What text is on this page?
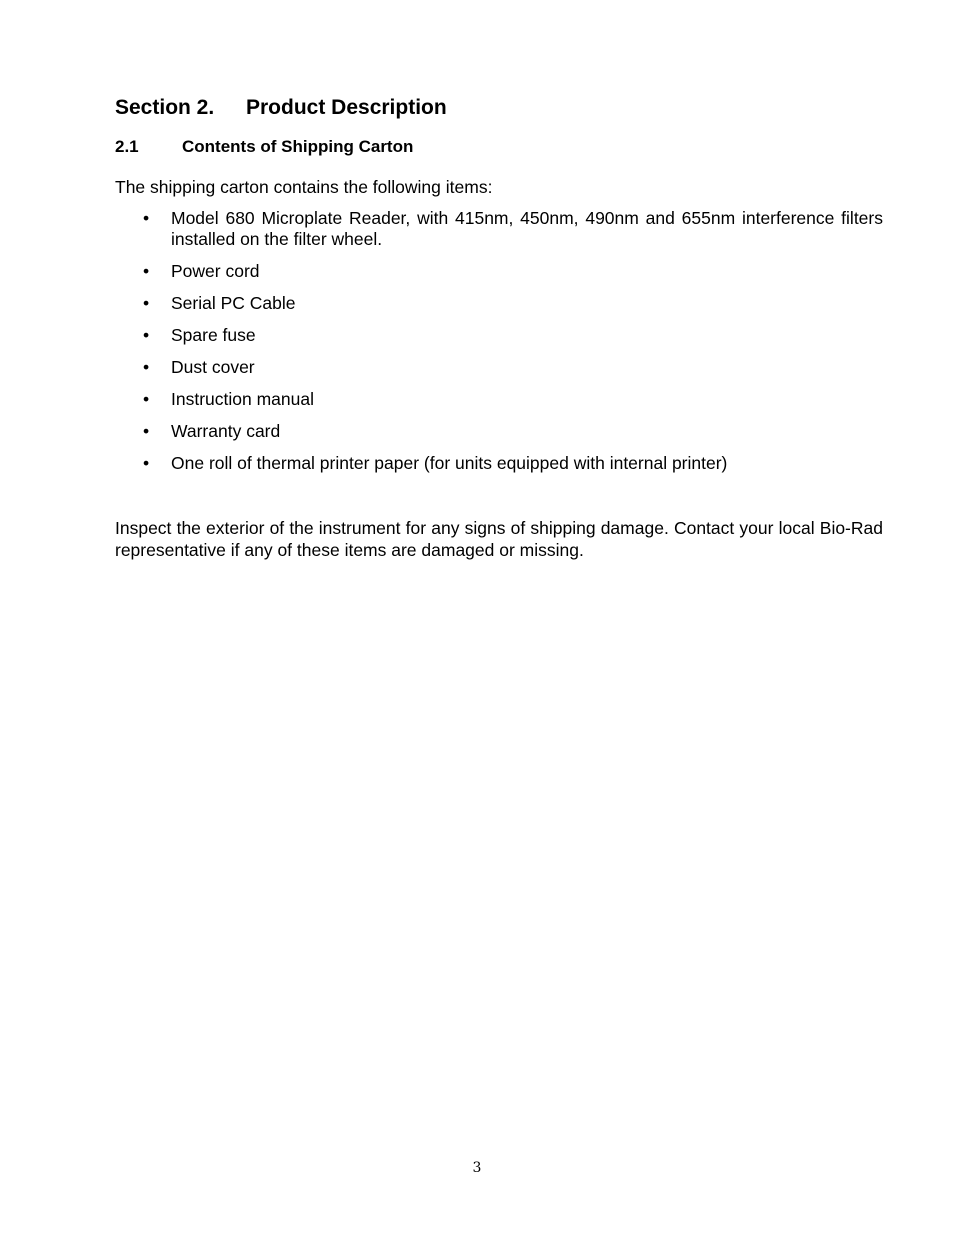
Section 2. Product Description
2.1	Contents of Shipping Carton

The shipping carton contains the following items:

•	Model 680 Microplate Reader, with 415nm, 450nm, 490nm and 655nm interference filters installed on the filter wheel.
•	Power cord
•	Serial PC Cable
•	Spare fuse
•	Dust cover
•	Instruction manual
•	Warranty card
•	One roll of thermal printer paper (for units equipped with internal printer)

Inspect the exterior of the instrument for any signs of shipping damage. Contact your local Bio-Rad representative if any of these items are damaged or missing.

3
